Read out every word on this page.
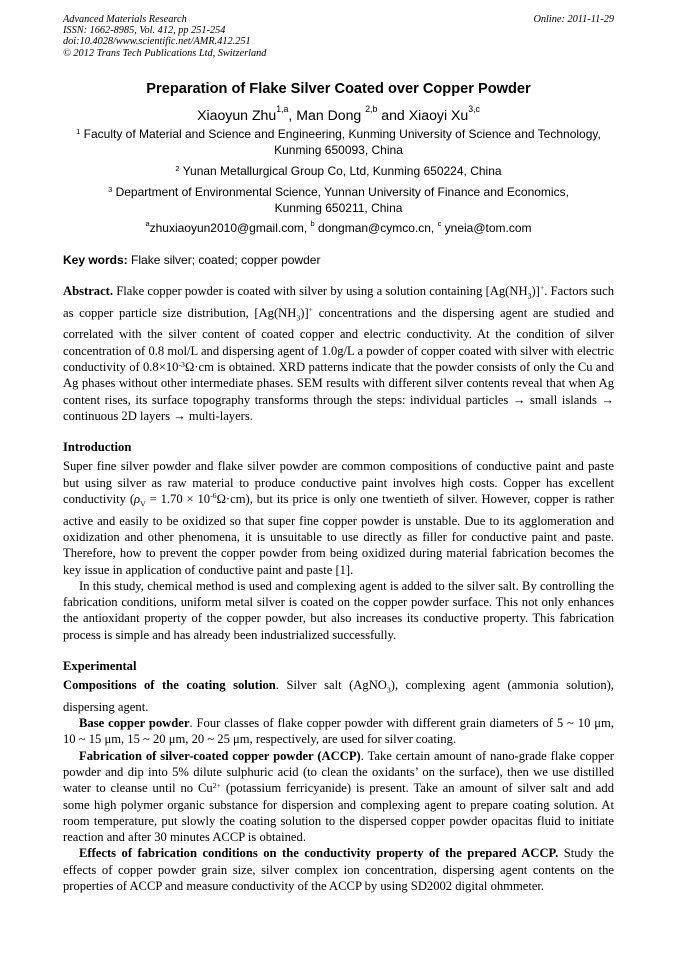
Advanced Materials Research
ISSN: 1662-8985, Vol. 412, pp 251-254
doi:10.4028/www.scientific.net/AMR.412.251
© 2012 Trans Tech Publications Ltd, Switzerland
Online: 2011-11-29
Preparation of Flake Silver Coated over Copper Powder
Xiaoyun Zhu$^{1,a}$, Man Dong $^{2,b}$ and Xiaoyi Xu$^{3,c}$
$^1$ Faculty of Material and Science and Engineering, Kunming University of Science and Technology,
Kunming 650093, China
$^2$ Yunan Metallurgical Group Co, Ltd, Kunming 650224, China
$^3$ Department of Environmental Science, Yunnan University of Finance and Economics,
Kunming 650211, China
$^a$zhuxiaoyun2010@gmail.com, $^b$ dongman@cymco.cn, $^c$ yneia@tom.com
Key words: Flake silver; coated; copper powder

Abstract. Flake copper powder is coated with silver by using a solution containing $[Ag(NH_3)]^+$. Factors such as copper particle size distribution, $[Ag(NH_3)]^+$ concentrations and the dispersing agent are studied and correlated with the silver content of coated copper and electric conductivity. At the condition of silver concentration of 0.8 mol/L and dispersing agent of 1.0g/L a powder of copper coated with silver with electric conductivity of $0.8\times 10^{-3}\Omega\cdot cm$ is obtained. XRD patterns indicate that the powder consists of only the Cu and Ag phases without other intermediate phases. SEM results with different silver contents reveal that when Ag content rises, its surface topography transforms through the steps: individual particles → small islands → continuous 2D layers → multi-layers.

Introduction

Super fine silver powder and flake silver powder are common compositions of conductive paint and paste but using silver as raw material to produce conductive paint involves high costs. Copper has excellent conductivity $(\rho_V = 1.70 \times 10^{-6}\Omega\cdot cm)$, but its price is only one twentieth of silver. However, copper is rather active and easily to be oxidized so that super fine copper powder is unstable. Due to its agglomeration and oxidization and other phenomena, it is unsuitable to use directly as filler for conductive paint and paste. Therefore, how to prevent the copper powder from being oxidized during material fabrication becomes the key issue in application of conductive paint and paste [1].

In this study, chemical method is used and complexing agent is added to the silver salt. By controlling the fabrication conditions, uniform metal silver is coated on the copper powder surface. This not only enhances the antioxidant property of the copper powder, but also increases its conductive property. This fabrication process is simple and has already been industrialized successfully.

Experimental

Compositions of the coating solution. Silver salt (AgNO$_3$), complexing agent (ammonia solution), dispersing agent.

Base copper powder. Four classes of flake copper powder with different grain diameters of 5 ~ 10 μm, 10 ~ 15 μm, 15 ~ 20 μm, 20 ~ 25 μm, respectively, are used for silver coating.

Fabrication of silver-coated copper powder (ACCP). Take certain amount of nano-grade flake copper powder and dip into 5% dilute sulphuric acid (to clean the oxidants’ on the surface), then we use distilled water to cleanse until no $Cu^{2+}$ (potassium ferricyanide) is present. Take an amount of silver salt and add some high polymer organic substance for dispersion and complexing agent to prepare coating solution. At room temperature, put slowly the coating solution to the dispersed copper powder opacitas fluid to initiate reaction and after 30 minutes ACCP is obtained.

Effects of fabrication conditions on the conductivity property of the prepared ACCP. Study the effects of copper powder grain size, silver complex ion concentration, dispersing agent contents on the properties of ACCP and measure conductivity of the ACCP by using SD2002 digital ohmmeter.
